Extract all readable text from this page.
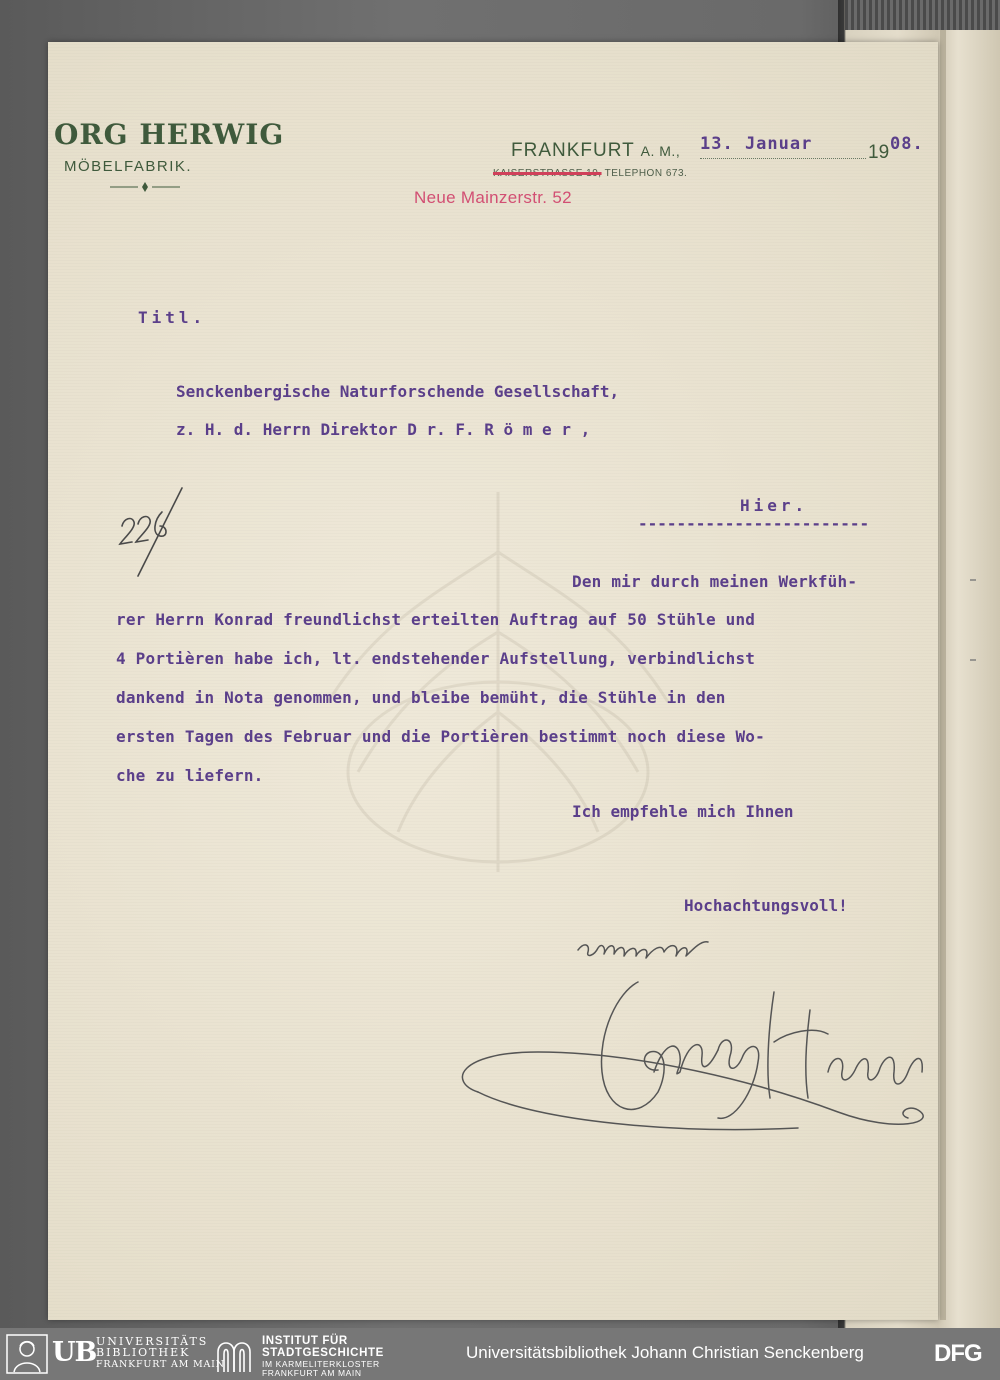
ORG HERWIG
MÖBELFABRIK.
FRANKFURT A. M., 13. Januar	19 08.
KAISERSTRASSE 19, TELEPHON 673.
Neue Mainzerstr. 52
Titl.
Senckenbergische Naturforschende Gesellschaft,
z. H. d. Herrn Direktor D r. F. R ö m e r ,
Hier.
------------------------
Den mir durch meinen Werkfüh-
rer Herrn Konrad freundlichst erteilten Auftrag auf 50 Stühle und
4 Portièren habe ich, lt. endstehender Aufstellung, verbindlichst
dankend in Nota genommen, und bleibe bemüht, die Stühle in den
ersten Tagen des Februar und die Portièren bestimmt noch diese Wo-
che zu liefern.
Ich empfehle mich Ihnen
Hochachtungsvoll!
UB UNIVERSITÄTS
BIBLIOTHEK
FRANKFURT AM MAIN
INSTITUT FÜR
STADTGESCHICHTE
IM KARMELITERKLOSTER
FRANKFURT AM MAIN
Universitätsbibliothek Johann Christian Senckenberg	DFG
